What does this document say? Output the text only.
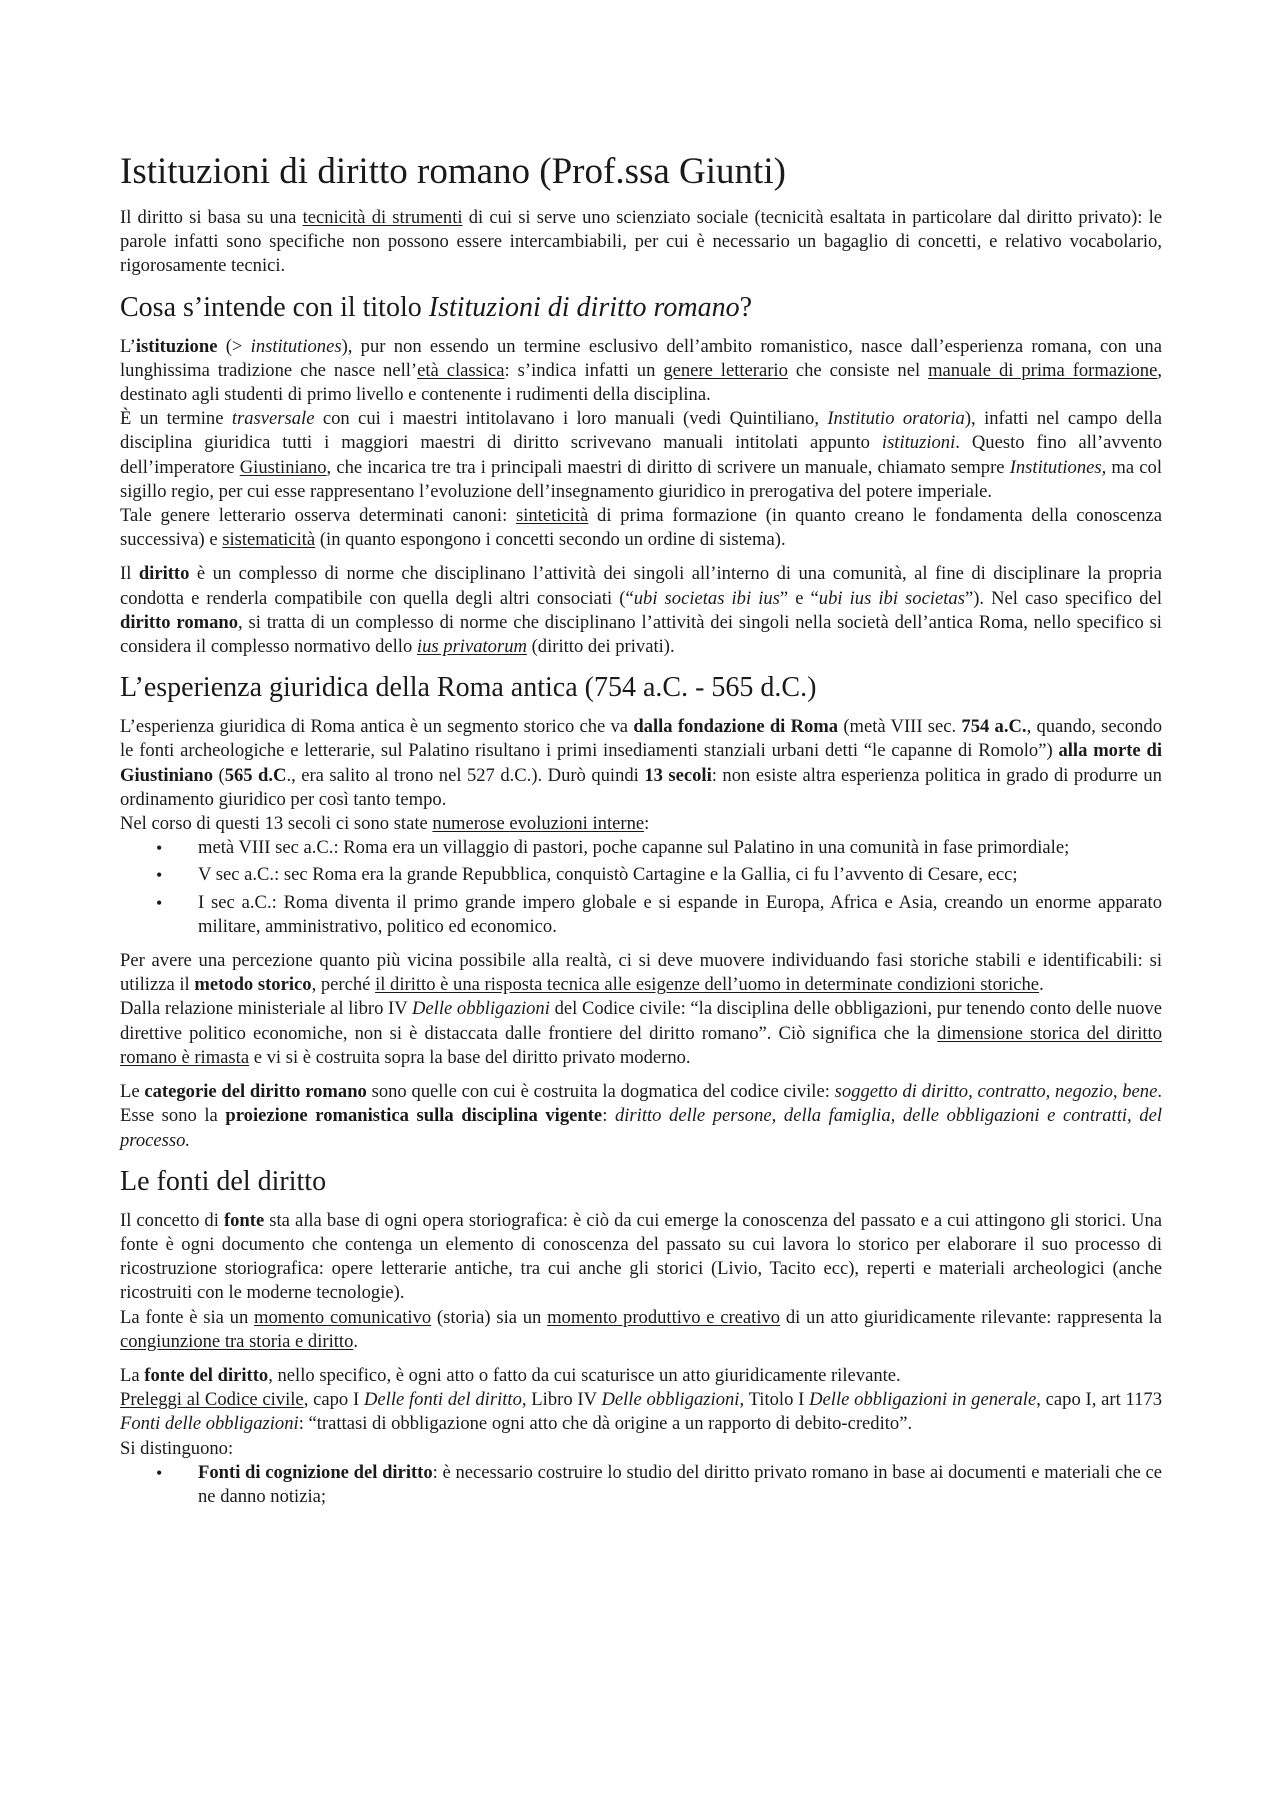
Istituzioni di diritto romano (Prof.ssa Giunti)

Il diritto si basa su una tecnicità di strumenti di cui si serve uno scienziato sociale (tecnicità esaltata in particolare dal diritto privato): le parole infatti sono specifiche non possono essere intercambiabili, per cui è necessario un bagaglio di concetti, e relativo vocabolario, rigorosamente tecnici.

Cosa s’intende con il titolo Istituzioni di diritto romano?

L’istituzione (> institutiones), pur non essendo un termine esclusivo dell’ambito romanistico, nasce dall’esperienza romana, con una lunghissima tradizione che nasce nell’età classica: s’indica infatti un genere letterario che consiste nel manuale di prima formazione, destinato agli studenti di primo livello e contenente i rudimenti della disciplina.

È un termine trasversale con cui i maestri intitolavano i loro manuali (vedi Quintiliano, Institutio oratoria), infatti nel campo della disciplina giuridica tutti i maggiori maestri di diritto scrivevano manuali intitolati appunto istituzioni. Questo fino all’avvento dell’imperatore Giustiniano, che incarica tre tra i principali maestri di diritto di scrivere un manuale, chiamato sempre Institutiones, ma col sigillo regio, per cui esse rappresentano l’evoluzione dell’insegnamento giuridico in prerogativa del potere imperiale.

Tale genere letterario osserva determinati canoni: sinteticità di prima formazione (in quanto creano le fondamenta della conoscenza successiva) e sistematicità (in quanto espongono i concetti secondo un ordine di sistema).

Il diritto è un complesso di norme che disciplinano l’attività dei singoli all’interno di una comunità, al fine di disciplinare la propria condotta e renderla compatibile con quella degli altri consociati (“ubi societas ibi ius” e “ubi ius ibi societas”). Nel caso specifico del diritto romano, si tratta di un complesso di norme che disciplinano l’attività dei singoli nella società dell’antica Roma, nello specifico si considera il complesso normativo dello ius privatorum (diritto dei privati).

L’esperienza giuridica della Roma antica (754 a.C. - 565 d.C.)

L’esperienza giuridica di Roma antica è un segmento storico che va dalla fondazione di Roma (metà VIII sec. 754 a.C., quando, secondo le fonti archeologiche e letterarie, sul Palatino risultano i primi insediamenti stanziali urbani detti “le capanne di Romolo”) alla morte di Giustiniano (565 d.C., era salito al trono nel 527 d.C.). Durò quindi 13 secoli: non esiste altra esperienza politica in grado di produrre un ordinamento giuridico per così tanto tempo.

Nel corso di questi 13 secoli ci sono state numerose evoluzioni interne:

• metà VIII sec a.C.: Roma era un villaggio di pastori, poche capanne sul Palatino in una comunità in fase primordiale;
• V sec a.C.: sec Roma era la grande Repubblica, conquistò Cartagine e la Gallia, ci fu l’avvento di Cesare, ecc;
• I sec a.C.: Roma diventa il primo grande impero globale e si espande in Europa, Africa e Asia, creando un enorme apparato militare, amministrativo, politico ed economico.

Per avere una percezione quanto più vicina possibile alla realtà, ci si deve muovere individuando fasi storiche stabili e identificabili: si utilizza il metodo storico, perché il diritto è una risposta tecnica alle esigenze dell’uomo in determinate condizioni storiche.

Dalla relazione ministeriale al libro IV Delle obbligazioni del Codice civile: “la disciplina delle obbligazioni, pur tenendo conto delle nuove direttive politico economiche, non si è distaccata dalle frontiere del diritto romano”. Ciò significa che la dimensione storica del diritto romano è rimasta e vi si è costruita sopra la base del diritto privato moderno.

Le categorie del diritto romano sono quelle con cui è costruita la dogmatica del codice civile: soggetto di diritto, contratto, negozio, bene. Esse sono la proiezione romanistica sulla disciplina vigente: diritto delle persone, della famiglia, delle obbligazioni e contratti, del processo.

Le fonti del diritto

Il concetto di fonte sta alla base di ogni opera storiografica: è ciò da cui emerge la conoscenza del passato e a cui attingono gli storici. Una fonte è ogni documento che contenga un elemento di conoscenza del passato su cui lavora lo storico per elaborare il suo processo di ricostruzione storiografica: opere letterarie antiche, tra cui anche gli storici (Livio, Tacito ecc), reperti e materiali archeologici (anche ricostruiti con le moderne tecnologie).

La fonte è sia un momento comunicativo (storia) sia un momento produttivo e creativo di un atto giuridicamente rilevante: rappresenta la congiunzione tra storia e diritto.

La fonte del diritto, nello specifico, è ogni atto o fatto da cui scaturisce un atto giuridicamente rilevante.

Preleggi al Codice civile, capo I Delle fonti del diritto, Libro IV Delle obbligazioni, Titolo I Delle obbligazioni in generale, capo I, art 1173 Fonti delle obbligazioni: “trattasi di obbligazione ogni atto che dà origine a un rapporto di debito-credito”.

Si distinguono:

• Fonti di cognizione del diritto: è necessario costruire lo studio del diritto privato romano in base ai documenti e materiali che ce ne danno notizia;
